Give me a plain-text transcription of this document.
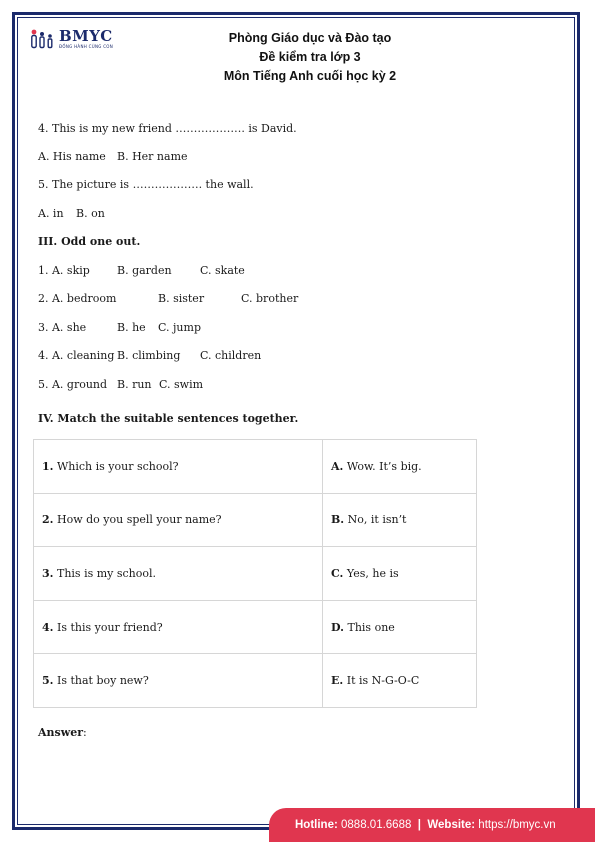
BMYC
ĐỒNG HÀNH CÙNG CON
Phòng Giáo dục và Đào tạo
Đề kiểm tra lớp 3
Môn Tiếng Anh cuối học kỳ 2
4. This is my new friend ………………. is David.
A. His name B. Her name
5. The picture is ………………. the wall.
A. in B. on
III. Odd one out.
1. A. skip B. garden	C. skate
2. A. bedroom	B. sister	C. brother
3. A. she	B. he C. jump
4. A. cleaning B. climbing C. children
5. A. ground B. run C. swim
IV. Match the suitable sentences together.
1. Which is your school?	A. Wow. It’s big.
2. How do you spell your name?	B. No, it isn’t
3. This is my school.	C. Yes, he is
4. Is this your friend?	D. This one
5. Is that boy new?	E. It is N-G-O-C
Answer:
Hotline:
0888.01.6688
|
Website:
https://bmyc.vn
